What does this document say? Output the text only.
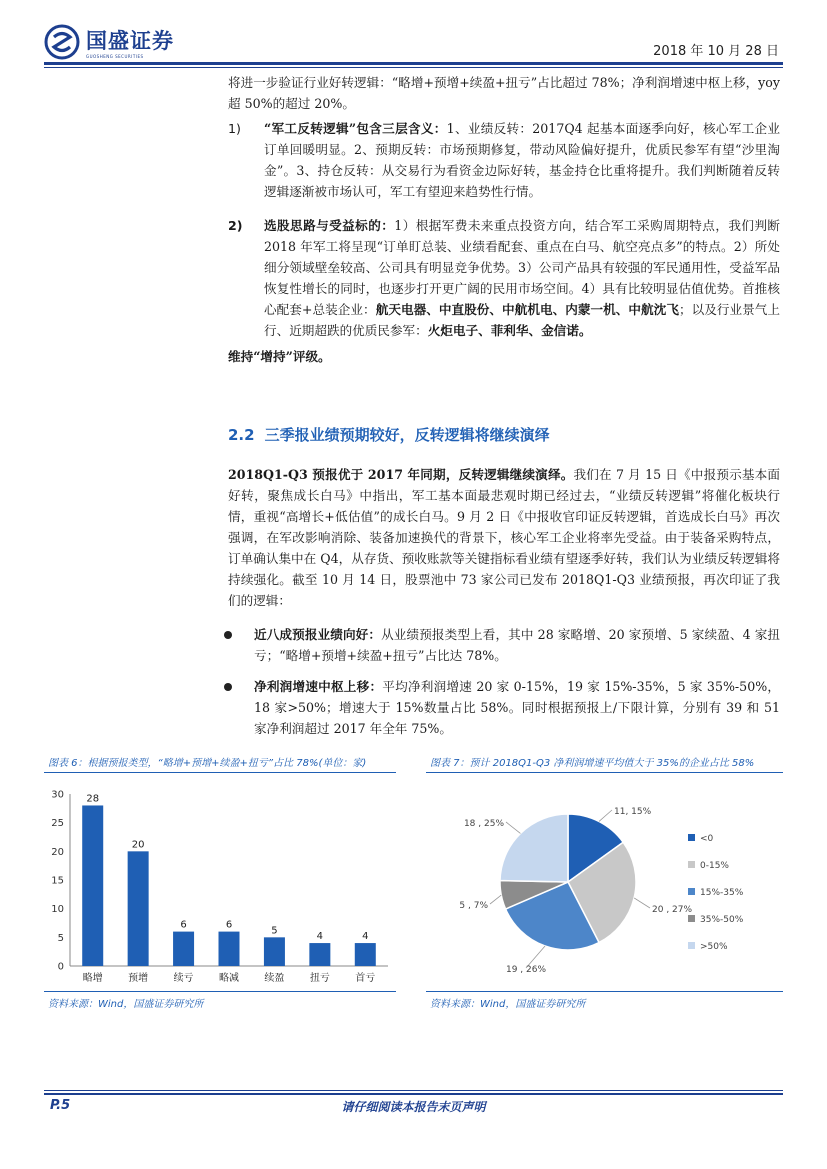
国盛证券
GUOSHENG SECURITIES	2018 年 10 月 28 日
将进一步验证行业好转逻辑：“略增+预增+续盈+扭亏”占比超过 78%；净利润增速中枢上移，yoy 超 50%的超过 20%。
1) “军工反转逻辑”包含三层含义：1、业绩反转：2017Q4 起基本面逐季向好，核心军工企业订单回暖明显。2、预期反转：市场预期修复，带动风险偏好提升，优质民参军有望“沙里淘金”。3、持仓反转：从交易行为看资金边际好转，基金持仓比重将提升。我们判断随着反转逻辑逐渐被市场认可，军工有望迎来趋势性行情。
2) 选股思路与受益标的：1）根据军费未来重点投资方向，结合军工采购周期特点，我们判断 2018 年军工将呈现“订单盯总装、业绩看配套、重点在白马、航空亮点多”的特点。2）所处细分领域壁垒较高、公司具有明显竞争优势。3）公司产品具有较强的军民通用性，受益军品恢复性增长的同时，也逐步打开更广阔的民用市场空间。4）具有比较明显估值优势。首推核心配套+总装企业：航天电器、中直股份、中航机电、内蒙一机、中航沈飞；以及行业景气上行、近期超跌的优质民参军：火炬电子、菲利华、金信诺。
维持“增持”评级。
2.2 三季报业绩预期较好，反转逻辑将继续演绎
2018Q1-Q3 预报优于 2017 年同期，反转逻辑继续演绎。我们在 7 月 15 日《中报预示基本面好转，聚焦成长白马》中指出，军工基本面最悲观时期已经过去，“业绩反转逻辑”将催化板块行情，重视“高增长+低估值”的成长白马。9 月 2 日《中报收官印证反转逻辑，首选成长白马》再次强调，在军改影响消除、装备加速换代的背景下，核心军工企业将率先受益。由于装备采购特点，订单确认集中在 Q4，从存货、预收账款等关键指标看业绩有望逐季好转，我们认为业绩反转逻辑将持续强化。截至 10 月 14 日，股票池中 73 家公司已发布 2018Q1-Q3 业绩预报，再次印证了我们的逻辑：
近八成预报业绩向好：从业绩预报类型上看，其中 28 家略增、20 家预增、5 家续盈、4 家扭亏；“略增+预增+续盈+扭亏”占比达 78%。
净利润增速中枢上移：平均净利润增速 20 家 0-15%，19 家 15%-35%，5 家 35%-50%，18 家>50%；增速大于 15%数量占比 58%。同时根据预报上/下限计算，分别有 39 和 51 家净利润超过 2017 年全年 75%。
图表 6：根据预报类型，“略增+预增+续盈+扭亏”占比 78%(单位：家)
0
5
10
15
20
25
30 28
略增
20
预增
6
续亏
6
略减
5
续盈
4
扭亏
4
首亏
资料来源：Wind，国盛证券研究所
图表 7：预计 2018Q1-Q3 净利润增速平均值大于 35%的企业占比 58%
11, 15%
20 , 27%
19 , 26%
5 , 7%
18 , 25%
<0
0-15%
15%-35%
35%-50%
>50%
资料来源：Wind，国盛证券研究所
P.5	请仔细阅读本报告末页声明
